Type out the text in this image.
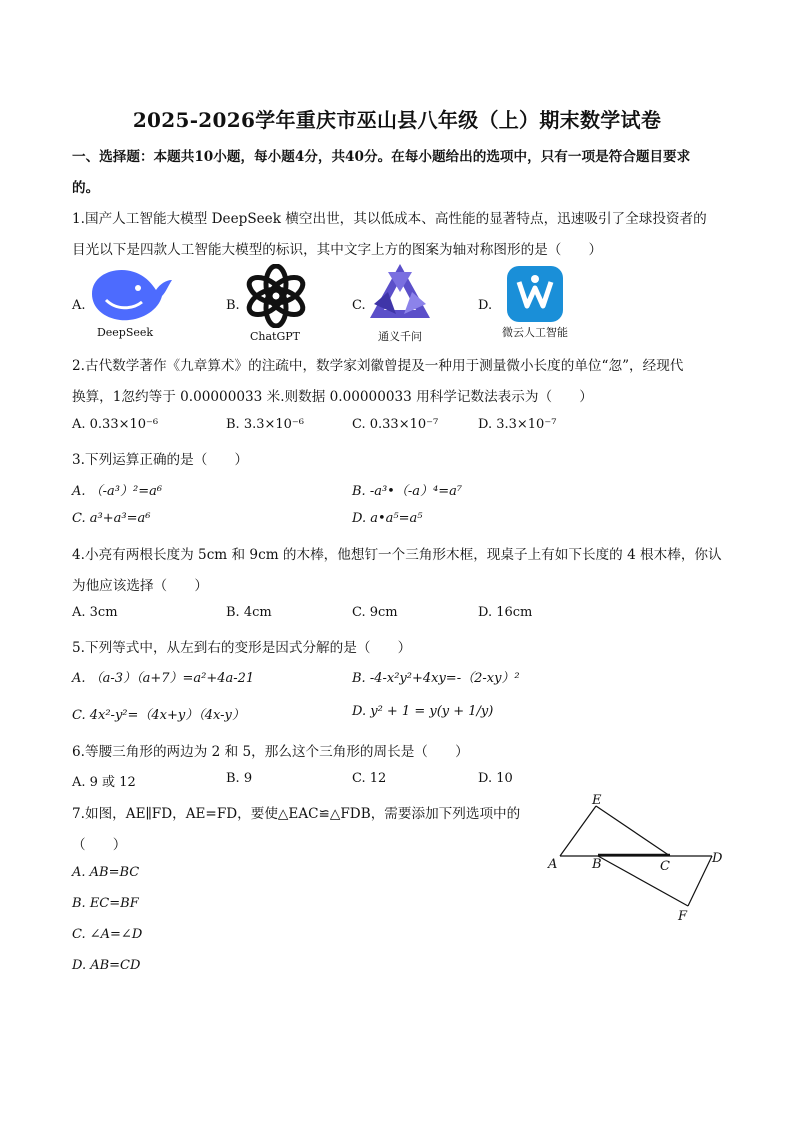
2025-2026学年重庆市巫山县八年级（上）期末数学试卷
一、选择题：本题共10小题，每小题4分，共40分。在每小题给出的选项中，只有一项是符合题目要求
的。
1.国产人工智能大模型 DeepSeek 横空出世，其以低成本、高性能的显著特点，迅速吸引了全球投资者的
目光以下是四款人工智能大模型的标识，其中文字上方的图案为轴对称图形的是（　　）
A.
DeepSeek
B.
ChatGPT
C.
通义千问
D.
微云人工智能
2.古代数学著作《九章算术》的注疏中，数学家刘徽曾提及一种用于测量微小长度的单位“忽”，经现代
换算，1忽约等于 0.00000033 米.则数据 0.00000033 用科学记数法表示为（　　）
A. 0.33×10⁻⁶	B. 3.3×10⁻⁶	C. 0.33×10⁻⁷	D. 3.3×10⁻⁷
3.下列运算正确的是（　　）
A. （-a³）²=a⁶	B. -a³•（-a）⁴=a⁷
C. a³+a³=a⁶	D. a•a⁵=a⁵
4.小亮有两根长度为 5cm 和 9cm 的木棒，他想钉一个三角形木框，现桌子上有如下长度的 4 根木棒，你认
为他应该选择（　　）
A. 3cm	B. 4cm	C. 9cm	D. 16cm
5.下列等式中，从左到右的变形是因式分解的是（　　）
A. （a-3）（a+7）=a²+4a-21	B. -4-x²y²+4xy=-（2-xy）²
C. 4x²-y²=（4x+y）（4x-y）	D. y² + 1 = y(y + 1/y)
6.等腰三角形的两边为 2 和 5，那么这个三角形的周长是（　　）
A. 9 或 12	B. 9	C. 12	D. 10
7.如图，AE∥FD，AE=FD，要使△EAC≌△FDB，需要添加下列选项中的
（　　）
A. AB=BC
B. EC=BF
C. ∠A=∠D
D. AB=CD
E
A	B	C
D
F
